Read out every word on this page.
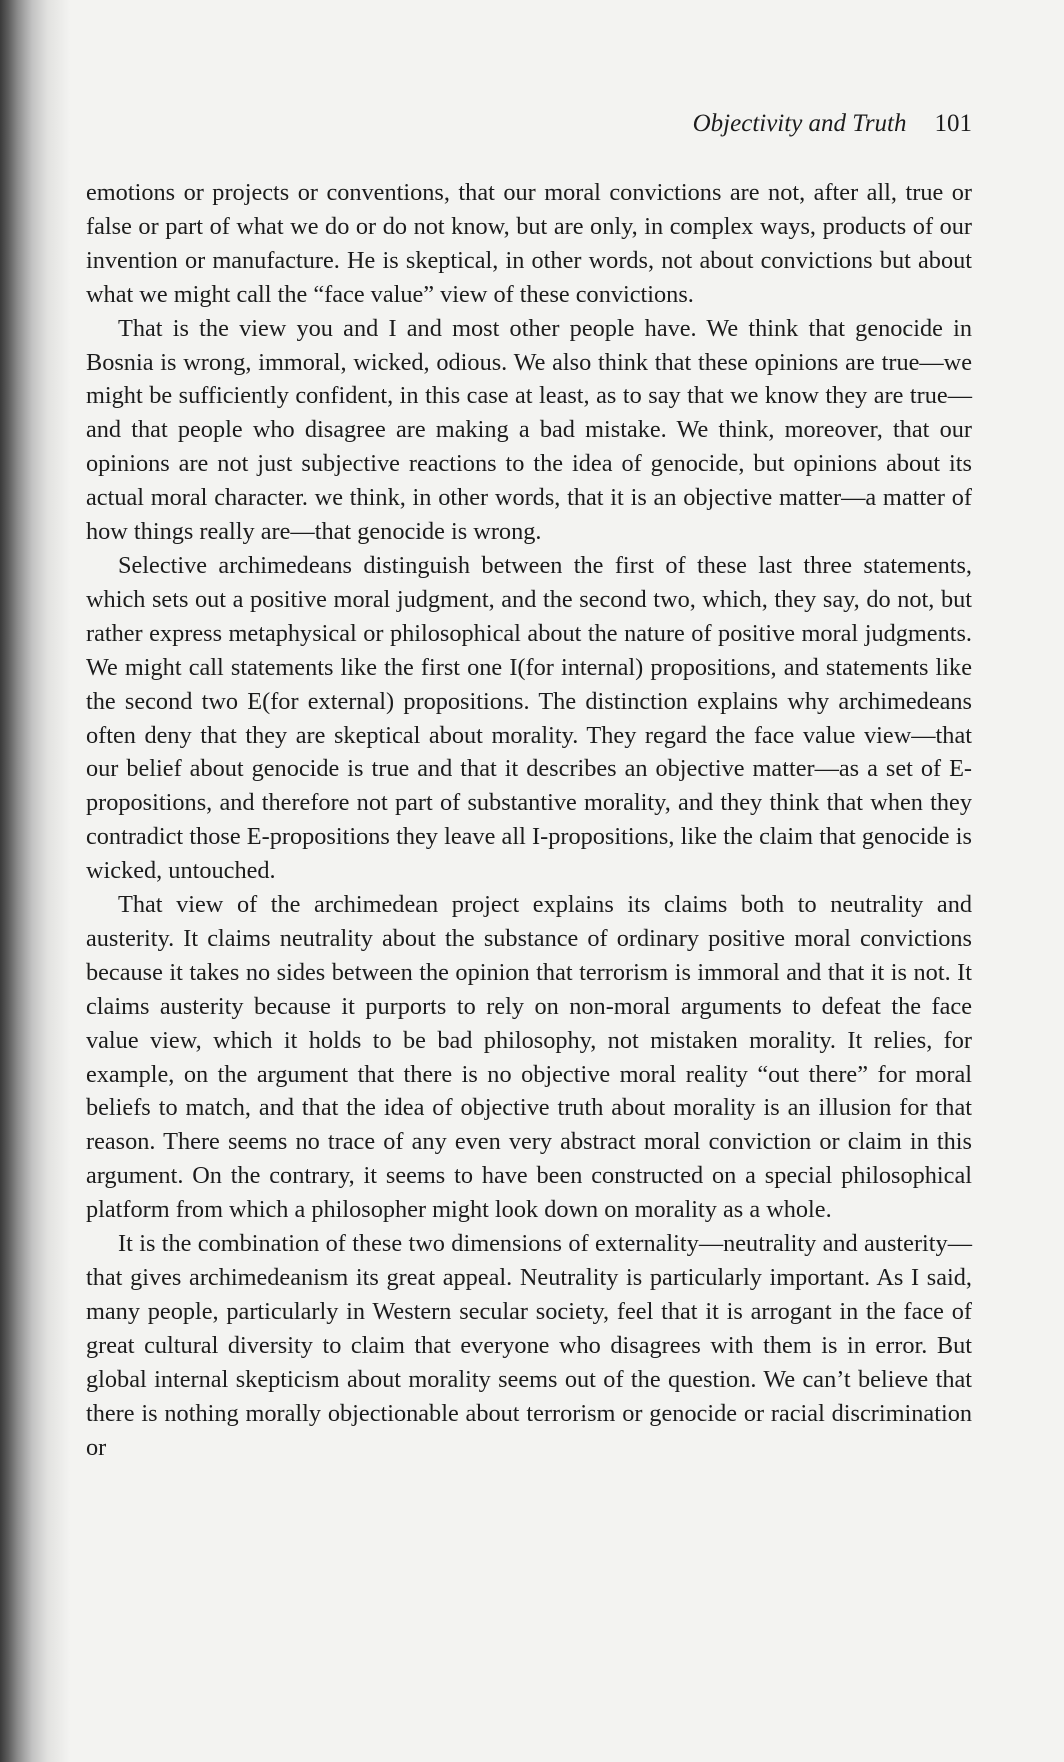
Objectivity and Truth 101

emotions or projects or conventions, that our moral convictions are not, after all, true or false or part of what we do or do not know, but are only, in complex ways, products of our invention or manufacture. He is skeptical, in other words, not about convictions but about what we might call the “face value” view of these convictions.

That is the view you and I and most other people have. We think that genocide in Bosnia is wrong, immoral, wicked, odious. We also think that these opinions are true—we might be sufficiently confident, in this case at least, as to say that we know they are true—and that people who disagree are making a bad mistake. We think, moreover, that our opinions are not just subjective reactions to the idea of genocide, but opinions about its actual moral character. we think, in other words, that it is an objective matter—a matter of how things really are—that genocide is wrong.

Selective archimedeans distinguish between the first of these last three statements, which sets out a positive moral judgment, and the second two, which, they say, do not, but rather express metaphysical or philosophical about the nature of positive moral judgments. We might call statements like the first one I(for internal) propositions, and statements like the second two E(for external) propositions. The distinction explains why archimedeans often deny that they are skeptical about morality. They regard the face value view—that our belief about genocide is true and that it describes an objective matter—as a set of E-propositions, and therefore not part of substantive morality, and they think that when they contradict those E-propositions they leave all I-propositions, like the claim that genocide is wicked, untouched.

That view of the archimedean project explains its claims both to neutrality and austerity. It claims neutrality about the substance of ordinary positive moral convictions because it takes no sides between the opinion that terrorism is immoral and that it is not. It claims austerity because it purports to rely on non-moral arguments to defeat the face value view, which it holds to be bad philosophy, not mistaken morality. It relies, for example, on the argument that there is no objective moral reality “out there” for moral beliefs to match, and that the idea of objective truth about morality is an illusion for that reason. There seems no trace of any even very abstract moral conviction or claim in this argument. On the contrary, it seems to have been constructed on a special philosophical platform from which a philosopher might look down on morality as a whole.

It is the combination of these two dimensions of externality—neutrality and austerity—that gives archimedeanism its great appeal. Neutrality is particularly important. As I said, many people, particularly in Western secular society, feel that it is arrogant in the face of great cultural diversity to claim that everyone who disagrees with them is in error. But global internal skepticism about morality seems out of the question. We can’t believe that there is nothing morally objectionable about terrorism or genocide or racial discrimination or
